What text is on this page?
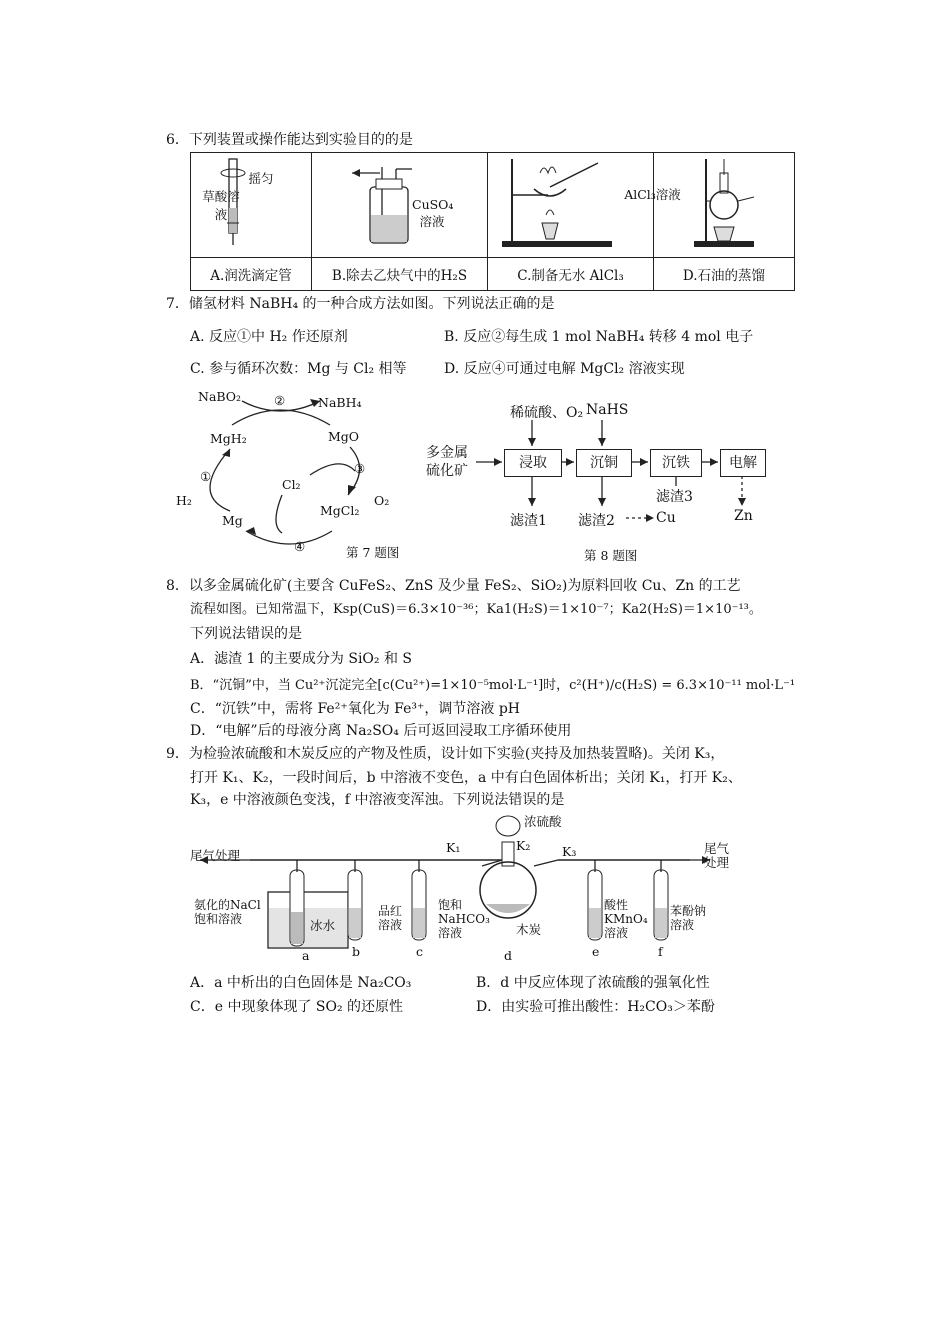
6．下列装置或操作能达到实验目的的是
摇匀
草酸溶液	CuSO₄溶液	AlCl₃溶液

A.润洗滴定管	B.除去乙炔气中的H₂S	C.制备无水 AlCl₃	D.石油的蒸馏
7．储氢材料 NaBH₄ 的一种合成方法如图。下列说法正确的是
A. 反应①中 H₂ 作还原剂	B. 反应②每生成 1 mol NaBH₄ 转移 4 mol 电子
C. 参与循环次数：Mg 与 Cl₂ 相等	D. 反应④可通过电解 MgCl₂ 溶液实现
NaBO₂	NaBH₄
②
MgH₂	MgO
①
③
Cl₂
H₂	O₂
MgCl₂
Mg
④	第 7 题图
稀硫酸、O₂ NaHS
多金属硫化矿	浸取	沉铜	沉铁	电解
滤渣3
滤渣1 滤渣2	Cu	Zn
第 8 题图
8．以多金属硫化矿(主要含 CuFeS₂、ZnS 及少量 FeS₂、SiO₂)为原料回收 Cu、Zn 的工艺
流程如图。已知常温下，Ksp(CuS)＝6.3×10⁻³⁶；Ka1(H₂S)＝1×10⁻⁷；Ka2(H₂S)＝1×10⁻¹³。
下列说法错误的是
A．滤渣 1 的主要成分为 SiO₂ 和 S
B．“沉铜”中，当 Cu²⁺沉淀完全[c(Cu²⁺)=1×10⁻⁵mol·L⁻¹]时，c²(H⁺)/c(H₂S) = 6.3×10⁻¹¹ mol·L⁻¹
C．“沉铁”中，需将 Fe²⁺氧化为 Fe³⁺，调节溶液 pH
D．“电解”后的母液分离 Na₂SO₄ 后可返回浸取工序循环使用
9．为检验浓硫酸和木炭反应的产物及性质，设计如下实验(夹持及加热装置略)。关闭 K₃，
打开 K₁、K₂，一段时间后，b 中溶液不变色，a 中有白色固体析出；关闭 K₁，打开 K₂、
K₃，e 中溶液颜色变浅，f 中溶液变浑浊。下列说法错误的是
尾气处理	尾气处理
浓硫酸
K₁	K₂	K₃
氨化的NaCl饱和溶液	冰水
品红溶液
饱和NaHCO₃溶液	木炭
酸性KMnO₄溶液
苯酚钠溶液
a	b	c	d	e	f
A．a 中析出的白色固体是 Na₂CO₃	B．d 中反应体现了浓硫酸的强氧化性
C．e 中现象体现了 SO₂ 的还原性	D．由实验可推出酸性：H₂CO₃＞苯酚
